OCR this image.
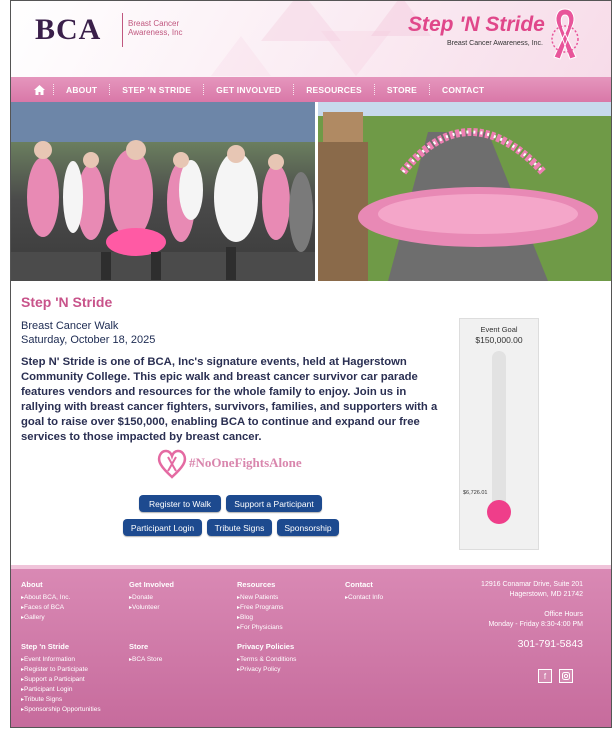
BCA	Breast Cancer
Awareness, Inc	Step 'N Stride
Breast Cancer Awareness, Inc.
ABOUT	STEP 'N STRIDE	GET INVOLVED	RESOURCES	STORE	CONTACT
Step 'N Stride
Breast Cancer Walk
Saturday, October 18, 2025
Step N' Stride is one of BCA, Inc's signature events, held at Hagerstown Community College. This epic walk and breast cancer survivor car parade features vendors and resources for the whole family to enjoy. Join us in rallying with breast cancer fighters, survivors, families, and supporters with a goal to raise over $150,000, enabling BCA to continue and expand our free services to those impacted by breast cancer.
#NoOneFightsAlone
Register to Walk	Support a Participant
Participant Login	Tribute Signs	Sponsorship
Event Goal
$150,000.00
$6,726.01
About
▸ About BCA, Inc.
▸ Faces of BCA
▸ Gallery
Get Involved
▸ Donate
▸ Volunteer
Resources
▸ New Patients
▸ Free Programs
▸ Blog
▸ For Physicians
Contact
▸ Contact Info
Step 'n Stride
▸ Event Information
▸ Register to Participate
▸ Support a Participant
▸ Participant Login
▸ Tribute Signs
▸ Sponsorship Opportunities
Store
▸ BCA Store
Privacy Policies
▸ Terms & Conditions
▸ Privacy Policy
12916 Conamar Drive, Suite 201
Hagerstown, MD 21742
Office Hours
Monday - Friday 8:30-4:00 PM
301-791-5843
f
